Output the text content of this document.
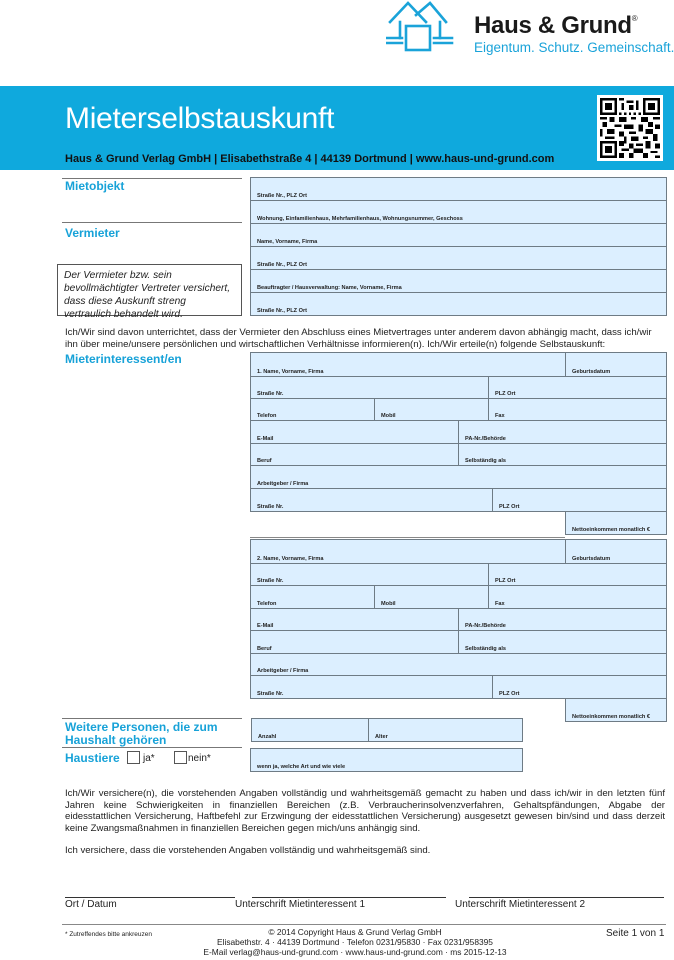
Haus & Grund®
Eigentum. Schutz. Gemeinschaft.
Mieterselbstauskunft
Haus & Grund Verlag GmbH | Elisabethstraße 4 | 44139 Dortmund | www.haus-und-grund.com
Mietobjekt
Vermieter
Der Vermieter bzw. sein bevollmächtigter Vertreter versichert, dass diese Auskunft streng vertraulich behandelt wird.
Straße Nr., PLZ Ort
Wohnung, Einfamilienhaus, Mehrfamilienhaus, Wohnungsnummer, Geschoss
Name, Vorname, Firma
Straße Nr., PLZ Ort
Beauftragter / Hausverwaltung: Name, Vorname, Firma
Straße Nr., PLZ Ort
Ich/Wir sind davon unterrichtet, dass der Vermieter den Abschluss eines Mietvertrages unter anderem davon abhängig macht, dass ich/wir ihn über meine/unsere persönlichen und wirtschaftlichen Verhältnisse informieren(n). Ich/Wir erteile(n) folgende Selbstauskunft:
Mieterinteressent/en
1. Name, Vorname, Firma	Geburtsdatum
Straße Nr.	PLZ Ort
Telefon	Mobil	Fax
E-Mail	PA-Nr./Behörde
Beruf	Selbständig als
Arbeitgeber / Firma
Straße Nr.	PLZ Ort
Nettoeinkommen monatlich €
2. Name, Vorname, Firma	Geburtsdatum
Straße Nr.	PLZ Ort
Telefon	Mobil	Fax
E-Mail	PA-Nr./Behörde
Beruf	Selbständig als
Arbeitgeber / Firma
Straße Nr.	PLZ Ort
Nettoeinkommen monatlich €
Weitere Personen, die zum
Haushalt gehören	Anzahl	Alter
Haustiere ja*	nein*
wenn ja, welche Art und wie viele
Ich/Wir versichere(n), die vorstehenden Angaben vollständig und wahrheitsgemäß gemacht zu haben und dass ich/wir in den letzten fünf Jahren keine Schwierigkeiten in finanziellen Bereichen (z.B. Verbraucherinsolvenzverfahren, Gehaltspfändungen, Abgabe der eidesstattlichen Versicherung, Haftbefehl zur Erzwingung der eidesstattlichen Versicherung) ausgesetzt gewesen bin/sind und dass derzeit keine Zwangsmaßnahmen in finanziellen Bereichen gegen mich/uns anhängig sind.
Ich versichere, dass die vorstehenden Angaben vollständig und wahrheitsgemäß sind.
Ort / Datum	Unterschrift Mietinteressent 1	Unterschrift Mietinteressent 2
* Zutreffendes bitte ankreuzen	© 2014 Copyright Haus & Grund Verlag GmbH
Elisabethstr. 4 · 44139 Dortmund · Telefon 0231/95830 · Fax 0231/958395
E-Mail verlag@haus-und-grund.com · www.haus-und-grund.com · ms 2015-12-13
Seite 1 von 1
